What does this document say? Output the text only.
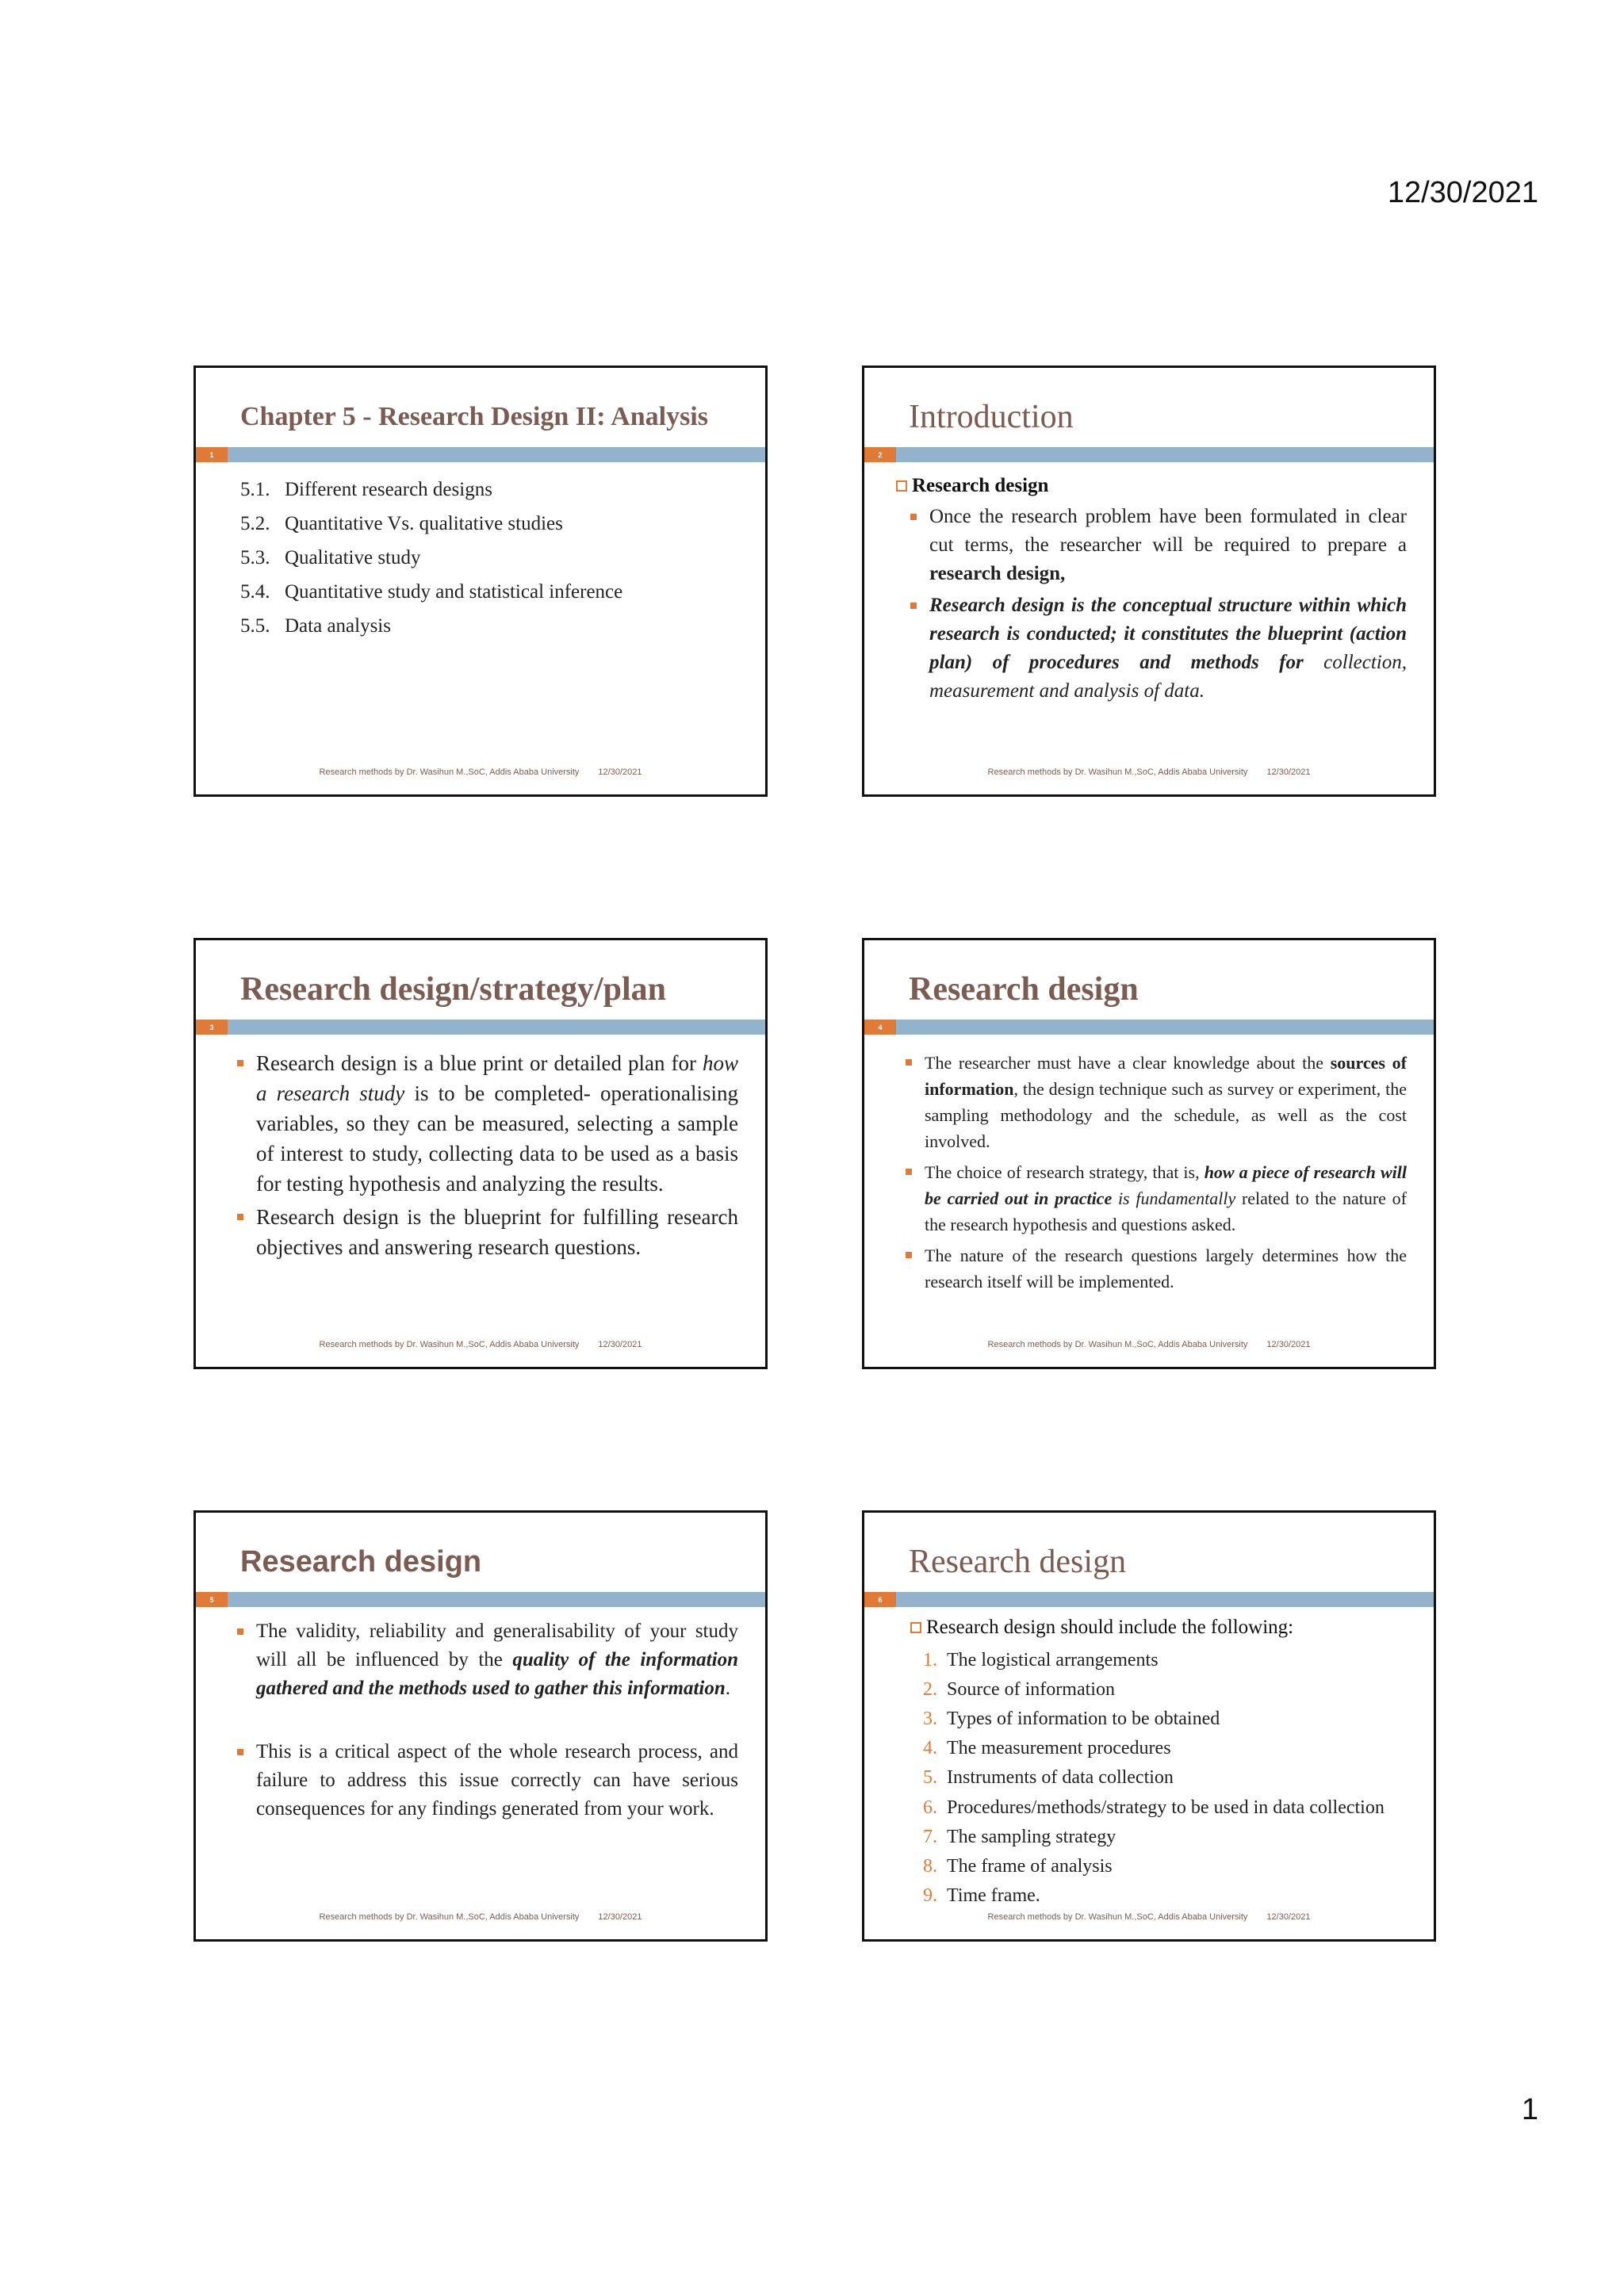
12/30/2021
Chapter 5 - Research Design II: Analysis
1
5.1. Different research designs
5.2. Quantitative Vs. qualitative studies
5.3. Qualitative study
5.4. Quantitative study and statistical inference
5.5. Data analysis
Research methods by Dr. Wasihun M.,SoC, Addis Ababa University 12/30/2021
Introduction
2
Research design
Once the research problem have been formulated in clear cut terms, the researcher will be required to prepare a research design,
Research design is the conceptual structure within which research is conducted; it constitutes the blueprint (action plan) of procedures and methods for collection, measurement and analysis of data.
Research methods by Dr. Wasihun M.,SoC, Addis Ababa University 12/30/2021
Research design/strategy/plan
3
Research design is a blue print or detailed plan for how a research study is to be completed- operationalising variables, so they can be measured, selecting a sample of interest to study, collecting data to be used as a basis for testing hypothesis and analyzing the results.
Research design is the blueprint for fulfilling research objectives and answering research questions.
Research methods by Dr. Wasihun M.,SoC, Addis Ababa University 12/30/2021
Research design
4
The researcher must have a clear knowledge about the sources of information, the design technique such as survey or experiment, the sampling methodology and the schedule, as well as the cost involved.
The choice of research strategy, that is, how a piece of research will be carried out in practice is fundamentally related to the nature of the research hypothesis and questions asked.
The nature of the research questions largely determines how the research itself will be implemented.
Research methods by Dr. Wasihun M.,SoC, Addis Ababa University 12/30/2021
Research design
5
The validity, reliability and generalisability of your study will all be influenced by the quality of the information gathered and the methods used to gather this information.
This is a critical aspect of the whole research process, and failure to address this issue correctly can have serious consequences for any findings generated from your work.
Research methods by Dr. Wasihun M.,SoC, Addis Ababa University 12/30/2021
Research design
6
Research design should include the following:
1. The logistical arrangements
2. Source of information
3. Types of information to be obtained
4. The measurement procedures
5. Instruments of data collection
6. Procedures/methods/strategy to be used in data collection
7. The sampling strategy
8. The frame of analysis
9. Time frame.
Research methods by Dr. Wasihun M.,SoC, Addis Ababa University 12/30/2021
1
